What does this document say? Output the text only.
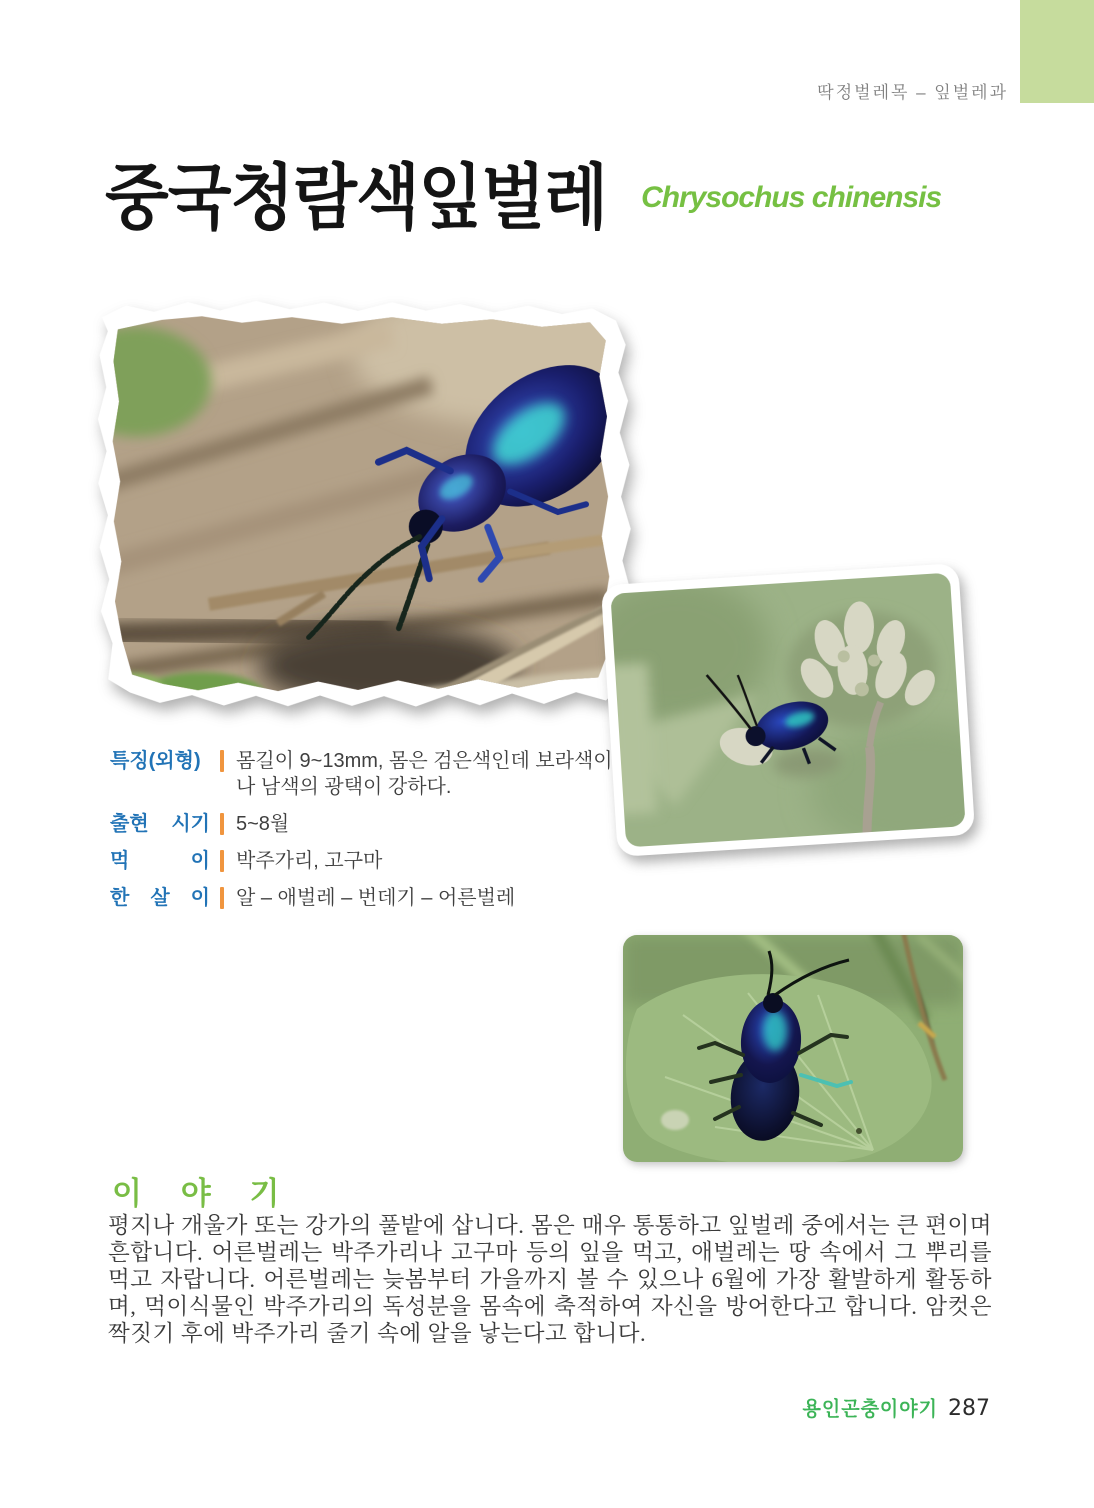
딱정벌레목 – 잎벌레과
중국청람색잎벌레 Chrysochus chinensis
특징(외형)	몸길이 9~13mm, 몸은 검은색인데 보라색이나 남색의 광택이 강하다.
출현 시기 5~8월
먹 이 박주가리, 고구마
한 살 이 알 – 애벌레 – 번데기 – 어른벌레
이 야 기
평지나 개울가 또는 강가의 풀밭에 삽니다. 몸은 매우 통통하고 잎벌레 중에서는 큰 편이며 흔합니다. 어른벌레는 박주가리나 고구마 등의 잎을 먹고, 애벌레는 땅 속에서 그 뿌리를 먹고 자랍니다. 어른벌레는 늦봄부터 가을까지 볼 수 있으나 6월에 가장 활발하게 활동하며, 먹이식물인 박주가리의 독성분을 몸속에 축적하여 자신을 방어한다고 합니다. 암컷은 짝짓기 후에 박주가리 줄기 속에 알을 낳는다고 합니다.
용인곤충이야기 287
